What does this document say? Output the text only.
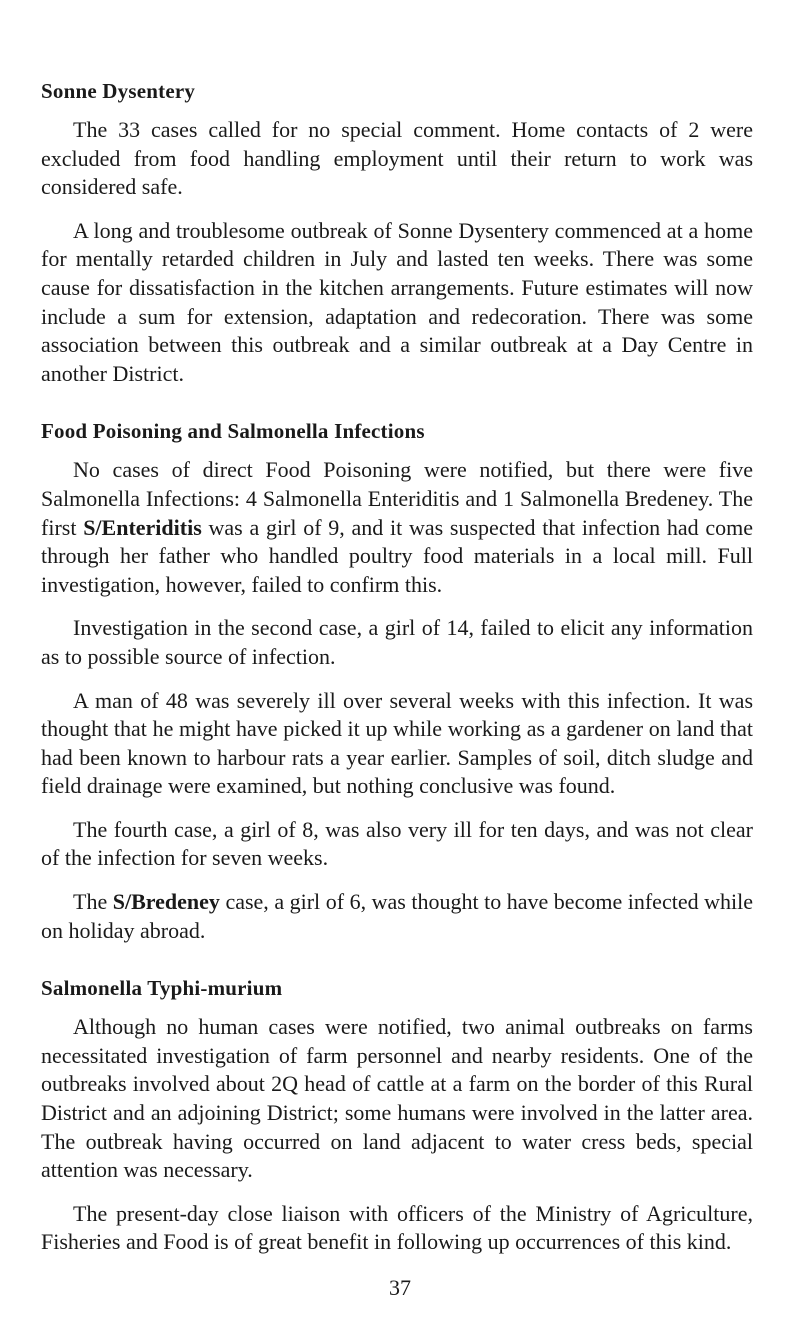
Sonne Dysentery

The 33 cases called for no special comment. Home contacts of 2 were excluded from food handling employment until their return to work was considered safe.

A long and troublesome outbreak of Sonne Dysentery commenced at a home for mentally retarded children in July and lasted ten weeks. There was some cause for dissatisfaction in the kitchen arrangements. Future estimates will now include a sum for extension, adaptation and redecoration. There was some association between this outbreak and a similar outbreak at a Day Centre in another District.

Food Poisoning and Salmonella Infections

No cases of direct Food Poisoning were notified, but there were five Salmonella Infections: 4 Salmonella Enteriditis and 1 Salmonella Bredeney. The first S/Enteriditis was a girl of 9, and it was suspected that infection had come through her father who handled poultry food materials in a local mill. Full investigation, however, failed to confirm this.

Investigation in the second case, a girl of 14, failed to elicit any information as to possible source of infection.

A man of 48 was severely ill over several weeks with this infection. It was thought that he might have picked it up while working as a gardener on land that had been known to harbour rats a year earlier. Samples of soil, ditch sludge and field drainage were examined, but nothing conclusive was found.

The fourth case, a girl of 8, was also very ill for ten days, and was not clear of the infection for seven weeks.

The S/Bredeney case, a girl of 6, was thought to have become infected while on holiday abroad.

Salmonella Typhi-murium

Although no human cases were notified, two animal outbreaks on farms necessitated investigation of farm personnel and nearby residents. One of the outbreaks involved about 2Q head of cattle at a farm on the border of this Rural District and an adjoining District; some humans were involved in the latter area. The outbreak having occurred on land adjacent to water cress beds, special attention was necessary.

The present-day close liaison with officers of the Ministry of Agriculture, Fisheries and Food is of great benefit in following up occurrences of this kind.

37
